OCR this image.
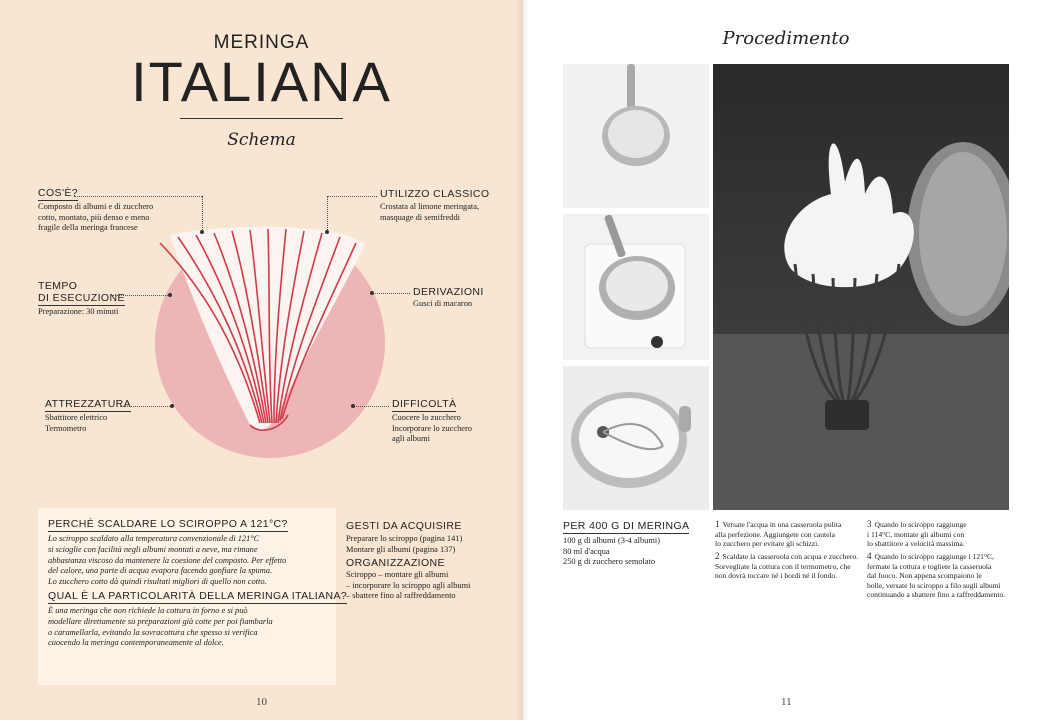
MERINGA
ITALIANA
Schema
COS'È?
Composto di albumi e di zucchero
cotto, montato, più denso e meno
fragile della meringa francese
UTILIZZO CLASSICO
Crostata al limone meringata,
masquage di semifreddi
TEMPO
DI ESECUZIONE
Preparazione: 30 minuti
DERIVAZIONI
Gusci di macaron
ATTREZZATURA
Sbattitore elettrico
Termometro
DIFFICOLTÀ
Cuocere lo zucchero
Incorporare lo zucchero
agli albumi
PERCHÉ SCALDARE LO SCIROPPO A 121°C?
Lo sciroppo scaldato alla temperatura convenzionale di 121°C
si scioglie con facilità negli albumi montati a neve, ma rimane
abbastanza viscoso da mantenere la coesione del composto. Per effetto
del calore, una parte di acqua evapora facendo gonfiare la spuma.
Lo zucchero cotto dà quindi risultati migliori di quello non cotto.
QUAL È LA PARTICOLARITÀ DELLA MERINGA ITALIANA?
È una meringa che non richiede la cottura in forno e si può
modellare direttamente su preparazioni già cotte per poi fiambarla
o caramellarla, evitando la sovracottura che spesso si verifica
cuocendo la meringa contemporaneamente al dolce.
GESTI DA ACQUISIRE
Preparare lo sciroppo (pagina 141)
Montare gli albumi (pagina 137)
ORGANIZZAZIONE
Sciroppo – montare gli albumi
– incorporare lo sciroppo agli albumi
– sbattere fino al raffreddamento
10
Procedimento
PER 400 G DI MERINGA
100 g di albumi (3-4 albumi)
80 ml d'acqua
250 g di zucchero semolato
1 Versate l'acqua in una casseruola pulita
alla perfezione. Aggiungete con cautela
lo zucchero per evitare gli schizzi.
2 Scaldate la casseruola con acqua e zucchero.
Sorvegliate la cottura con il termometro, che
non dovrà toccare né i bordi né il fondo.
3 Quando lo sciroppo raggiunge
i 114°C, montate gli albumi con
lo sbattitore a velocità massima.
4 Quando lo sciroppo raggiunge i 121°C,
fermate la cottura e togliete la casseruola
dal fuoco. Non appena scompaiono le
bolle, versate lo sciroppo a filo sugli albumi
continuando a sbattere fino a raffreddamento.
11
